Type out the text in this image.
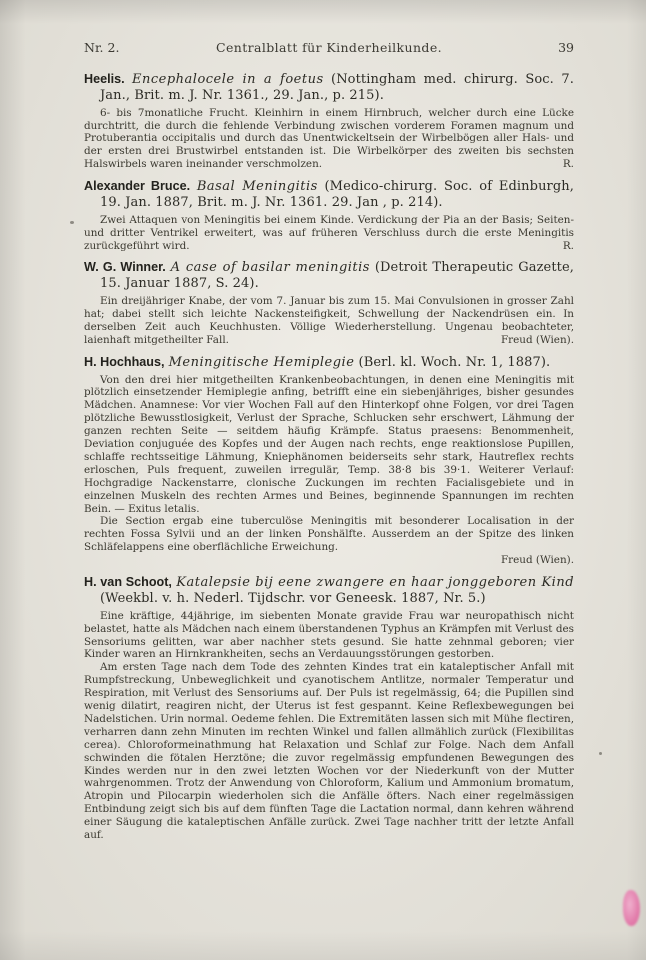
Nr. 2.	Centralblatt für Kinderheilkunde.	39

Heelis. Encephalocele in a foetus (Nottingham med. chirurg. Soc. 7. Jan., Brit. m. J. Nr. 1361., 29. Jan., p. 215).

6- bis 7monatliche Frucht. Kleinhirn in einem Hirnbruch, welcher durch eine Lücke durchtritt, die durch die fehlende Verbindung zwischen vorderem Foramen magnum und Protuberantia occipitalis und durch das Unentwickeltsein der Wirbelbögen aller Hals- und der ersten drei Brustwirbel entstanden ist. Die Wirbelkörper des zweiten bis sechsten Halswirbels waren ineinander verschmolzen.	R.

Alexander Bruce. Basal Meningitis (Medico-chirurg. Soc. of Edinburgh, 19. Jan. 1887, Brit. m. J. Nr. 1361. 29. Jan , p. 214).

Zwei Attaquen von Meningitis bei einem Kinde. Verdickung der Pia an der Basis; Seiten- und dritter Ventrikel erweitert, was auf früheren Verschluss durch die erste Meningitis zurückgeführt wird.	R.

W. G. Winner. A case of basilar meningitis (Detroit Therapeutic Gazette, 15. Januar 1887, S. 24).

Ein dreijähriger Knabe, der vom 7. Januar bis zum 15. Mai Convulsionen in grosser Zahl hat; dabei stellt sich leichte Nackensteifigkeit, Schwellung der Nackendrüsen ein. In derselben Zeit auch Keuchhusten. Völlige Wiederherstellung. Ungenau beobachteter, laienhaft mitgetheilter Fall.	Freud (Wien).

H. Hochhaus, Meningitische Hemiplegie (Berl. kl. Woch. Nr. 1, 1887).

Von den drei hier mitgetheilten Krankenbeobachtungen, in denen eine Meningitis mit plötzlich einsetzender Hemiplegie anfing, betrifft eine ein siebenjähriges, bisher gesundes Mädchen. Anamnese: Vor vier Wochen Fall auf den Hinterkopf ohne Folgen, vor drei Tagen plötzliche Bewusstlosigkeit, Verlust der Sprache, Schlucken sehr erschwert, Lähmung der ganzen rechten Seite — seitdem häufig Krämpfe. Status praesens: Benommenheit, Deviation conjuguée des Kopfes und der Augen nach rechts, enge reaktionslose Pupillen, schlaffe rechtsseitige Lähmung, Kniephänomen beiderseits sehr stark, Hautreflex rechts erloschen, Puls frequent, zuweilen irregulär, Temp. 38·8 bis 39·1. Weiterer Verlauf: Hochgradige Nackenstarre, clonische Zuckungen im rechten Facialisgebiete und in einzelnen Muskeln des rechten Armes und Beines, beginnende Spannungen im rechten Bein. — Exitus letalis.

Die Section ergab eine tuberculöse Meningitis mit besonderer Localisation in der rechten Fossa Sylvii und an der linken Ponshälfte. Ausserdem an der Spitze des linken Schläfelappens eine oberflächliche Erweichung.

Freud (Wien).

H. van Schoot, Katalepsie bij eene zwangere en haar jonggeboren Kind (Weekbl. v. h. Nederl. Tijdschr. vor Geneesk. 1887, Nr. 5.)

Eine kräftige, 44jährige, im siebenten Monate gravide Frau war neuropathisch nicht belastet, hatte als Mädchen nach einem überstandenen Typhus an Krämpfen mit Verlust des Sensoriums gelitten, war aber nachher stets gesund. Sie hatte zehnmal geboren; vier Kinder waren an Hirnkrankheiten, sechs an Verdauungsstörungen gestorben.

Am ersten Tage nach dem Tode des zehnten Kindes trat ein kataleptischer Anfall mit Rumpfstreckung, Unbeweglichkeit und cyanotischem Antlitze, normaler Temperatur und Respiration, mit Verlust des Sensoriums auf. Der Puls ist regelmässig, 64; die Pupillen sind wenig dilatirt, reagiren nicht, der Uterus ist fest gespannt. Keine Reflexbewegungen bei Nadelstichen. Urin normal. Oedeme fehlen. Die Extremitäten lassen sich mit Mühe flectiren, verharren dann zehn Minuten im rechten Winkel und fallen allmählich zurück (Flexibilitas cerea). Chloroformeinathmung hat Relaxation und Schlaf zur Folge. Nach dem Anfall schwinden die fötalen Herztöne; die zuvor regelmässig empfundenen Bewegungen des Kindes werden nur in den zwei letzten Wochen vor der Niederkunft von der Mutter wahrgenommen. Trotz der Anwendung von Chloroform, Kalium und Ammonium bromatum, Atropin und Pilocarpin wiederholen sich die Anfälle öfters. Nach einer regelmässigen Entbindung zeigt sich bis auf dem fünften Tage die Lactation normal, dann kehren während einer Säugung die kataleptischen Anfälle zurück. Zwei Tage nachher tritt der letzte Anfall auf.
